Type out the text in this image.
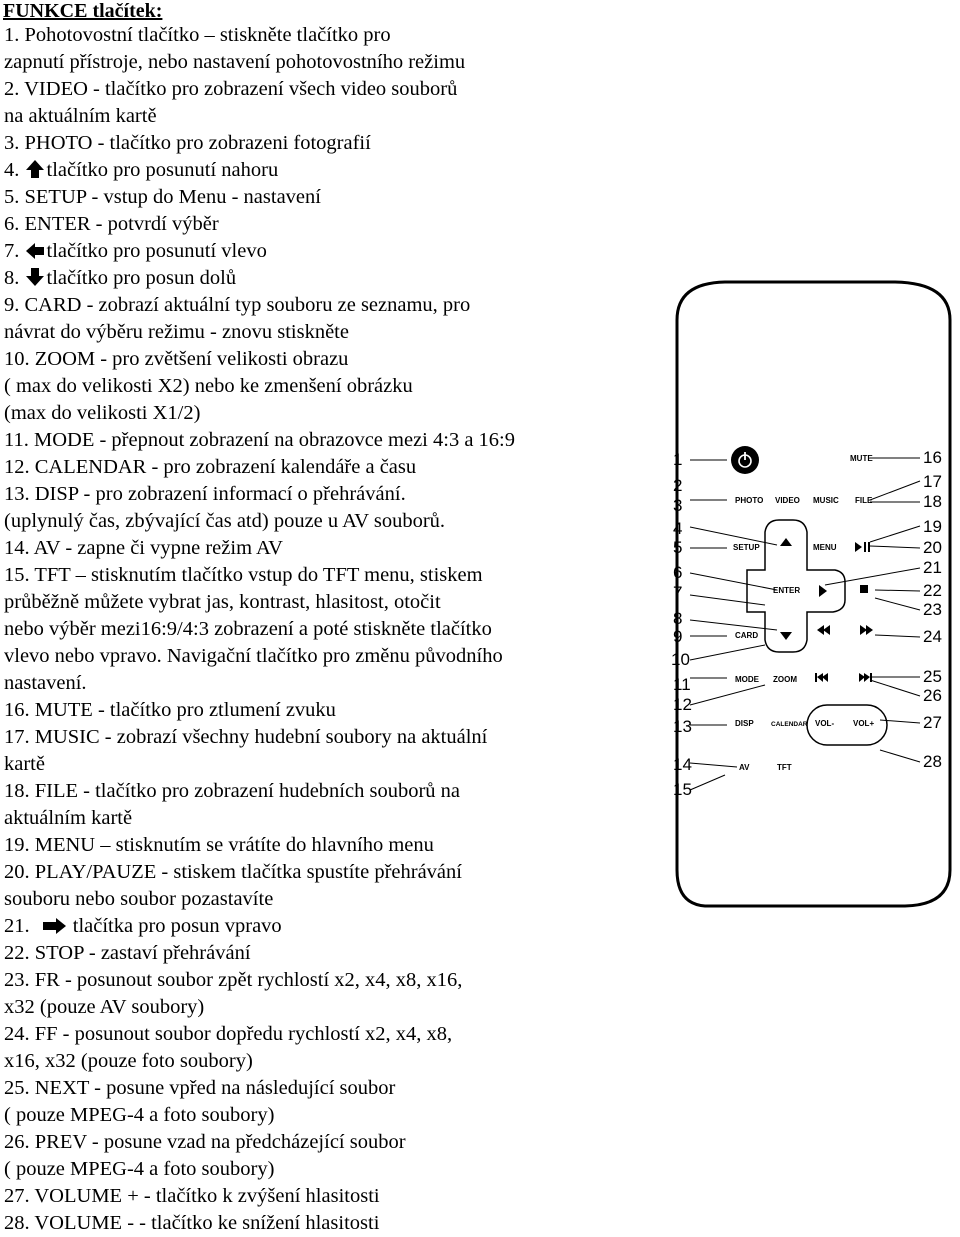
FUNKCE tlačítek:
1. Pohotovostní tlačítko – stiskněte tlačítko pro
zapnutí přístroje, nebo nastavení pohotovostního režimu
2. VIDEO - tlačítko pro zobrazení všech video souborů
na aktuálním kartě
3. PHOTO - tlačítko pro zobrazeni fotografií
4. tlačítko pro posunutí nahoru
5. SETUP - vstup do Menu - nastavení
6. ENTER - potvrdí výběr
7. tlačítko pro posunutí vlevo
8. tlačítko pro posun dolů
9. CARD - zobrazí aktuální typ souboru ze seznamu, pro
návrat do výběru režimu - znovu stiskněte
10. ZOOM - pro zvětšení velikosti obrazu
( max do velikosti X2) nebo ke zmenšení obrázku
(max do velikosti X1/2)
11. MODE - přepnout zobrazení na obrazovce mezi 4:3 a 16:9
12. CALENDAR - pro zobrazení kalendáře a času
13. DISP - pro zobrazení informací o přehrávání.
(uplynulý čas, zbývající čas atd) pouze u AV souborů.
14. AV - zapne či vypne režim AV
15. TFT – stisknutím tlačítko vstup do TFT menu, stiskem
průběžně můžete vybrat jas, kontrast, hlasitost, otočit
nebo výběr mezi16:9/4:3 zobrazení a poté stiskněte tlačítko
vlevo nebo vpravo. Navigační tlačítko pro změnu původního
nastavení.
16. MUTE - tlačítko pro ztlumení zvuku
17. MUSIC - zobrazí všechny hudební soubory na aktuální
kartě
18. FILE - tlačítko pro zobrazení hudebních souborů na
aktuálním kartě
19. MENU – stisknutím se vrátíte do hlavního menu
20. PLAY/PAUZE - stiskem tlačítka spustíte přehrávání
souboru nebo soubor pozastavíte
21. tlačítka pro posun vpravo
22. STOP - zastaví přehrávání
23. FR - posunout soubor zpět rychlostí x2, x4, x8, x16,
x32 (pouze AV soubory)
24. FF - posunout soubor dopředu rychlostí x2, x4, x8,
x16, x32 (pouze foto soubory)
25. NEXT - posune vpřed na následující soubor
( pouze MPEG-4 a foto soubory)
26. PREV - posune vzad na předcházející soubor
( pouze MPEG-4 a foto soubory)
27. VOLUME + - tlačítko k zvýšení hlasitosti
28. VOLUME - - tlačítko ke snížení hlasitosti
1
2
3
4
5
6
7
8
9
10
11
12
13
14
15
16
17
18
19
20
21
22
23
24
25
26
27
28
MUTE
PHOTO VIDEO MUSIC FILE
SETUP	MENU
ENTER
CARD
MODE ZOOM
DISP	CALENDAR VOL- VOL+
AV	TFT
